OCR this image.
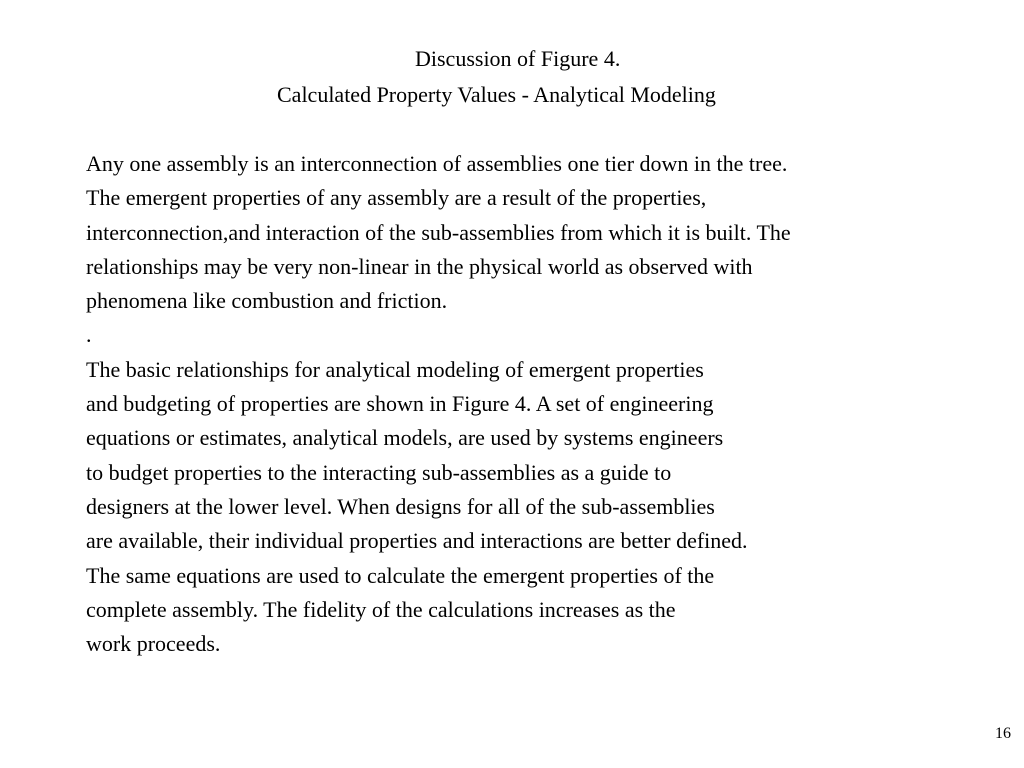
Discussion of Figure 4.
Calculated Property Values - Analytical Modeling
Any one assembly is an interconnection of assemblies one tier down in the tree.
The emergent properties of any assembly are a result of the properties,
interconnection,and interaction of the sub-assemblies from which it is built. The
relationships may be very non-linear in the physical world as observed with
phenomena like combustion and friction.
.
The basic relationships for analytical modeling of emergent properties
and budgeting of properties are shown in Figure 4. A set of engineering
equations or estimates, analytical models, are used by systems engineers
to budget properties to the interacting sub-assemblies as a guide to
designers at the lower level. When designs for all of the sub-assemblies
are available, their individual properties and interactions are better defined.
The same equations are used to calculate the emergent properties of the
complete assembly. The fidelity of the calculations increases as the
work proceeds.
16
